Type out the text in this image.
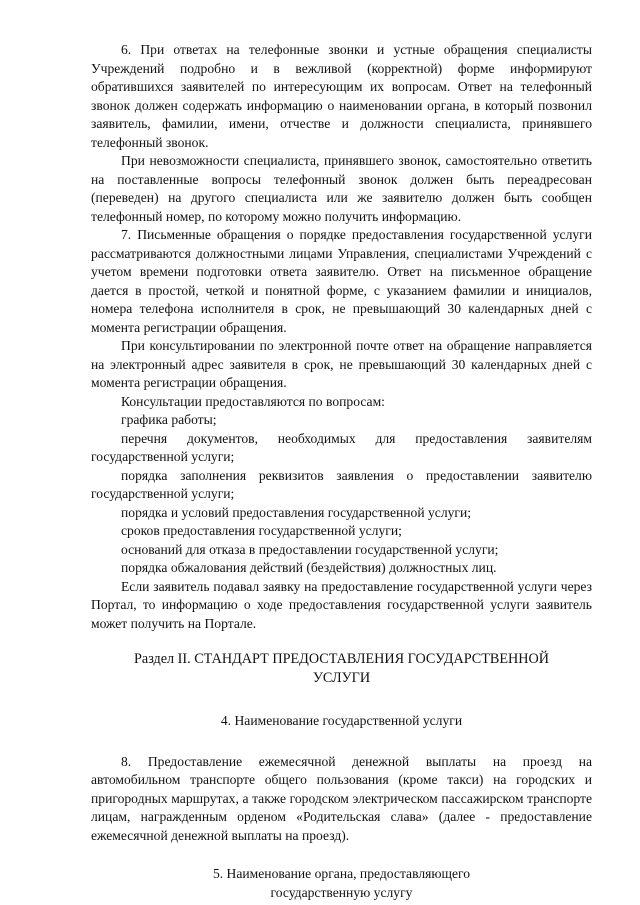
6. При ответах на телефонные звонки и устные обращения специалисты Учреждений подробно и в вежливой (корректной) форме информируют обратившихся заявителей по интересующим их вопросам. Ответ на телефонный звонок должен содержать информацию о наименовании органа, в который позвонил заявитель, фамилии, имени, отчестве и должности специалиста, принявшего телефонный звонок.

При невозможности специалиста, принявшего звонок, самостоятельно ответить на поставленные вопросы телефонный звонок должен быть переадресован (переведен) на другого специалиста или же заявителю должен быть сообщен телефонный номер, по которому можно получить информацию.

7. Письменные обращения о порядке предоставления государственной услуги рассматриваются должностными лицами Управления, специалистами Учреждений с учетом времени подготовки ответа заявителю. Ответ на письменное обращение дается в простой, четкой и понятной форме, с указанием фамилии и инициалов, номера телефона исполнителя в срок, не превышающий 30 календарных дней с момента регистрации обращения.

При консультировании по электронной почте ответ на обращение направляется на электронный адрес заявителя в срок, не превышающий 30 календарных дней с момента регистрации обращения.

Консультации предоставляются по вопросам:

графика работы;

перечня документов, необходимых для предоставления заявителям государственной услуги;

порядка заполнения реквизитов заявления о предоставлении заявителю государственной услуги;

порядка и условий предоставления государственной услуги;

сроков предоставления государственной услуги;

оснований для отказа в предоставлении государственной услуги;

порядка обжалования действий (бездействия) должностных лиц.

Если заявитель подавал заявку на предоставление государственной услуги через Портал, то информацию о ходе предоставления государственной услуги заявитель может получить на Портале.

Раздел II. СТАНДАРТ ПРЕДОСТАВЛЕНИЯ ГОСУДАРСТВЕННОЙ
УСЛУГИ
4. Наименование государственной услуги

8. Предоставление ежемесячной денежной выплаты на проезд на автомобильном транспорте общего пользования (кроме такси) на городских и пригородных маршрутах, а также городском электрическом пассажирском транспорте лицам, награжденным орденом «Родительская слава» (далее - предоставление ежемесячной денежной выплаты на проезд).

5. Наименование органа, предоставляющего
государственную услугу
